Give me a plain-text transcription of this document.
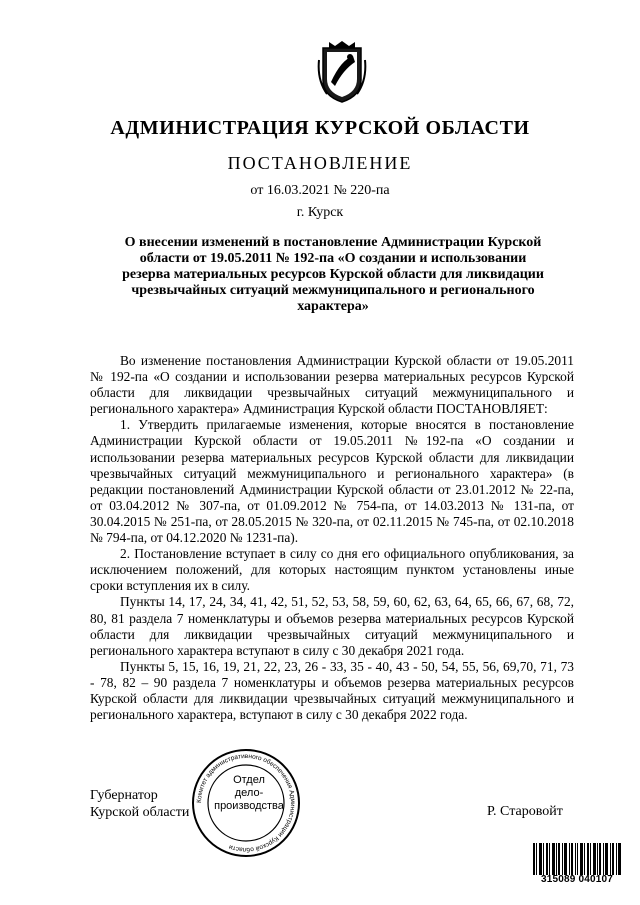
АДМИНИСТРАЦИЯ КУРСКОЙ ОБЛАСТИ
ПОСТАНОВЛЕНИЕ
от 16.03.2021 № 220-па
г. Курск
О внесении изменений в постановление Администрации Курской области от 19.05.2011 № 192-па «О создании и использовании резерва материальных ресурсов Курской области для ликвидации чрезвычайных ситуаций межмуниципального и регионального характера»

Во изменение постановления Администрации Курской области от 19.05.2011 № 192-па «О создании и использовании резерва материальных ресурсов Курской области для ликвидации чрезвычайных ситуаций межмуниципального и регионального характера» Администрация Курской области ПОСТАНОВЛЯЕТ:

1. Утвердить прилагаемые изменения, которые вносятся в постановление Администрации Курской области от 19.05.2011 №192-па «О создании и использовании резерва материальных ресурсов Курской области для ликвидации чрезвычайных ситуаций межмуниципального и регионального характера» (в редакции постановлений Администрации Курской области от 23.01.2012 № 22-па, от 03.04.2012 № 307-па, от 01.09.2012 № 754-па, от 14.03.2013 № 131-па, от 30.04.2015 № 251-па, от 28.05.2015 № 320-па, от 02.11.2015 № 745-па, от 02.10.2018 № 794-па, от 04.12.2020 № 1231-па).

2. Постановление вступает в силу со дня его официального опубликования, за исключением положений, для которых настоящим пунктом установлены иные сроки вступления их в силу.

Пункты 14, 17, 24, 34, 41, 42, 51, 52, 53, 58, 59, 60, 62, 63, 64, 65, 66, 67, 68, 72, 80, 81 раздела 7 номенклатуры и объемов резерва материальных ресурсов Курской области для ликвидации чрезвычайных ситуаций межмуниципального и регионального характера вступают в силу с 30 декабря 2021 года.

Пункты 5, 15, 16, 19, 21, 22, 23, 26 - 33, 35 - 40, 43 - 50, 54, 55, 56, 69,70, 71, 73 - 78, 82 – 90 раздела 7 номенклатуры и объемов резерва материальных ресурсов Курской области для ликвидации чрезвычайных ситуаций межмуниципального и регионального характера, вступают в силу с 30 декабря 2022 года.

Губернатор
Курской области	Р. Старовойт
Комитет административного обеспечения Администрации Курской области
Отдел
дело-
производства
315089 040107
